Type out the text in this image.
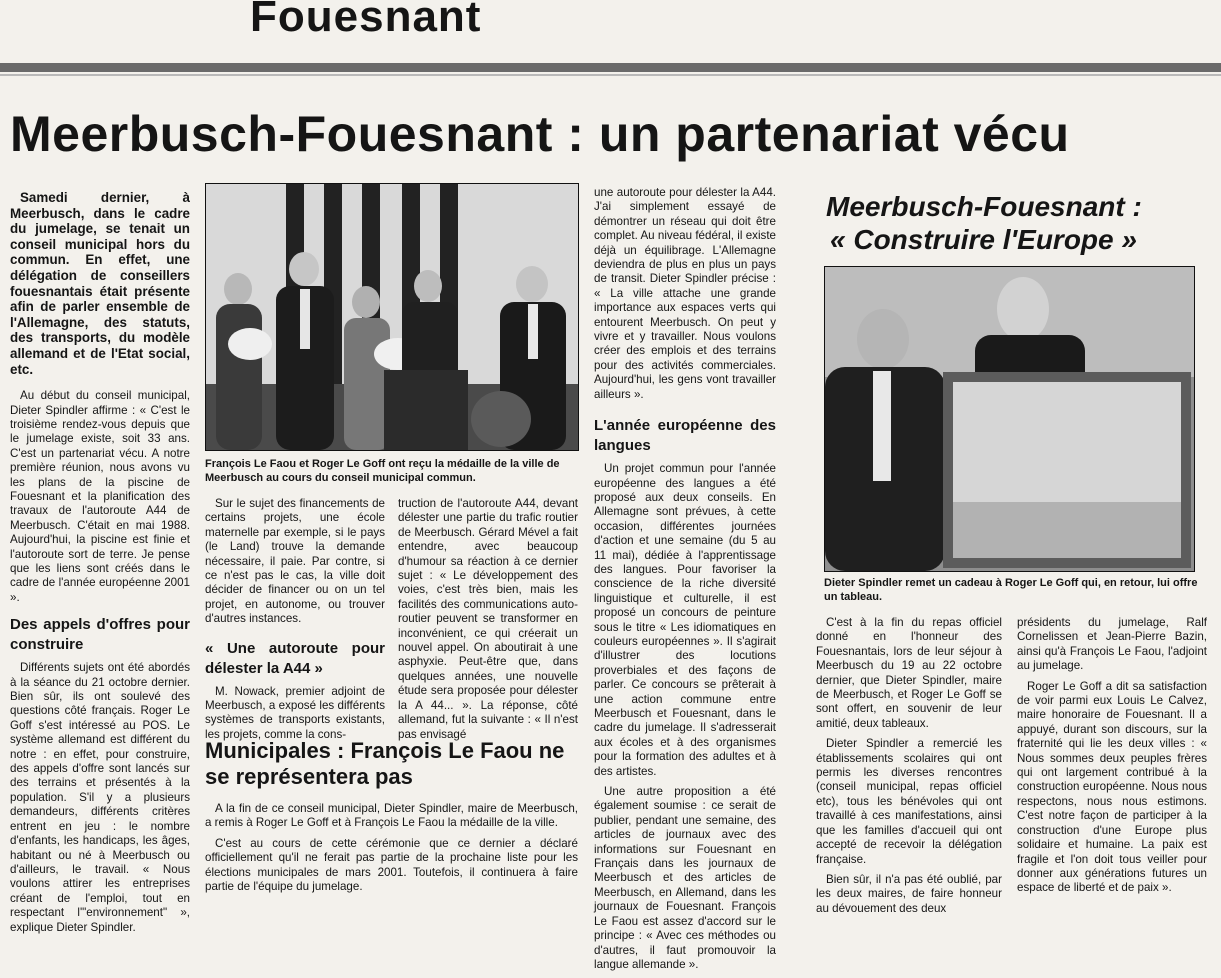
Fouesnant
Meerbusch-Fouesnant : un partenariat vécu
Samedi dernier, à Meerbusch, dans le cadre du jumelage, se tenait un conseil municipal hors du commun. En effet, une délégation de conseillers fouesnantais était présente afin de parler ensemble de l'Allemagne, des statuts, des transports, du modèle allemand et de l'Etat social, etc.

Au début du conseil municipal, Dieter Spindler affirme : « C'est le troisième rendez-vous depuis que le jumelage existe, soit 33 ans. C'est un partenariat vécu. A notre première réunion, nous avons vu les plans de la piscine de Fouesnant et la planification des travaux de l'autoroute A44 de Meerbusch. C'était en mai 1988. Aujourd'hui, la piscine est finie et l'autoroute sort de terre. Je pense que les liens sont créés dans le cadre de l'année européenne 2001 ».

Des appels d'offres pour construire

Différents sujets ont été abordés à la séance du 21 octobre dernier. Bien sûr, ils ont soulevé des questions côté français. Roger Le Goff s'est intéressé au POS. Le système allemand est différent du notre : en effet, pour construire, des appels d'offre sont lancés sur des terrains et présentés à la population. S'il y a plusieurs demandeurs, différents critères entrent en jeu : le nombre d'enfants, les handicaps, les âges, habitant ou né à Meerbusch ou d'ailleurs, le travail. « Nous voulons attirer les entreprises créant de l'emploi, tout en respectant l'"environnement" », explique Dieter Spindler.

François Le Faou et Roger Le Goff ont reçu la médaille de la ville de Meerbusch au cours du conseil municipal commun.

Sur le sujet des financements de certains projets, une école maternelle par exemple, si le pays (le Land) trouve la demande nécessaire, il paie. Par contre, si ce n'est pas le cas, la ville doit décider de financer ou on un tel projet, en autonome, ou trouver d'autres instances.

« Une autoroute pour délester la A44 »

M. Nowack, premier adjoint de Meerbusch, a exposé les différents systèmes de transports existants, les projets, comme la cons-

truction de l'autoroute A44, devant délester une partie du trafic routier de Meerbusch. Gérard Mével a fait entendre, avec beaucoup d'humour sa réaction à ce dernier sujet : « Le développement des voies, c'est très bien, mais les facilités des communications auto-routier peuvent se transformer en inconvénient, ce qui créerait un nouvel appel. On aboutirait à une asphyxie. Peut-être que, dans quelques années, une nouvelle étude sera proposée pour délester la A 44... ». La réponse, côté allemand, fut la suivante : « Il n'est pas envisagé

Municipales : François Le Faou ne se représentera pas

A la fin de ce conseil municipal, Dieter Spindler, maire de Meerbusch, a remis à Roger Le Goff et à François Le Faou la médaille de la ville.

C'est au cours de cette cérémonie que ce dernier a déclaré officiellement qu'il ne ferait pas partie de la prochaine liste pour les élections municipales de mars 2001. Toutefois, il continuera à faire partie de l'équipe du jumelage.

une autoroute pour délester la A44. J'ai simplement essayé de démontrer un réseau qui doit être complet. Au niveau fédéral, il existe déjà un équilibrage. L'Allemagne deviendra de plus en plus un pays de transit. Dieter Spindler précise : « La ville attache une grande importance aux espaces verts qui entourent Meerbusch. On peut y vivre et y travailler. Nous voulons créer des emplois et des terrains pour des activités commerciales. Aujourd'hui, les gens vont travailler ailleurs ».

L'année européenne des langues

Un projet commun pour l'année européenne des langues a été proposé aux deux conseils. En Allemagne sont prévues, à cette occasion, différentes journées d'action et une semaine (du 5 au 11 mai), dédiée à l'apprentissage des langues. Pour favoriser la conscience de la riche diversité linguistique et culturelle, il est proposé un concours de peinture sous le titre « Les idiomatiques en couleurs européennes ». Il s'agirait d'illustrer des locutions proverbiales et des façons de parler. Ce concours se prêterait à une action commune entre Meerbusch et Fouesnant, dans le cadre du jumelage. Il s'adresserait aux écoles et à des organismes pour la formation des adultes et à des artistes.

Une autre proposition a été également soumise : ce serait de publier, pendant une semaine, des articles de journaux avec des informations sur Fouesnant en Français dans les journaux de Meerbusch et des articles de Meerbusch, en Allemand, dans les journaux de Fouesnant. François Le Faou est assez d'accord sur le principe : « Avec ces méthodes ou d'autres, il faut promouvoir la langue allemande ».

Meerbusch-Fouesnant :
« Construire l'Europe »
Dieter Spindler remet un cadeau à Roger Le Goff qui, en retour, lui offre un tableau.

C'est à la fin du repas officiel donné en l'honneur des Fouesnantais, lors de leur séjour à Meerbusch du 19 au 22 octobre dernier, que Dieter Spindler, maire de Meerbusch, et Roger Le Goff se sont offert, en souvenir de leur amitié, deux tableaux.

Dieter Spindler a remercié les établissements scolaires qui ont permis les diverses rencontres (conseil municipal, repas officiel etc), tous les bénévoles qui ont travaillé à ces manifestations, ainsi que les familles d'accueil qui ont accepté de recevoir la délégation française.

Bien sûr, il n'a pas été oublié, par les deux maires, de faire honneur au dévouement des deux

présidents du jumelage, Ralf Cornelissen et Jean-Pierre Bazin, ainsi qu'à François Le Faou, l'adjoint au jumelage.

Roger Le Goff a dit sa satisfaction de voir parmi eux Louis Le Calvez, maire honoraire de Fouesnant. Il a appuyé, durant son discours, sur la fraternité qui lie les deux villes : « Nous sommes deux peuples frères qui ont largement contribué à la construction européenne. Nous nous respectons, nous nous estimons. C'est notre façon de participer à la construction d'une Europe plus solidaire et humaine. La paix est fragile et l'on doit tous veiller pour donner aux générations futures un espace de liberté et de paix ».
